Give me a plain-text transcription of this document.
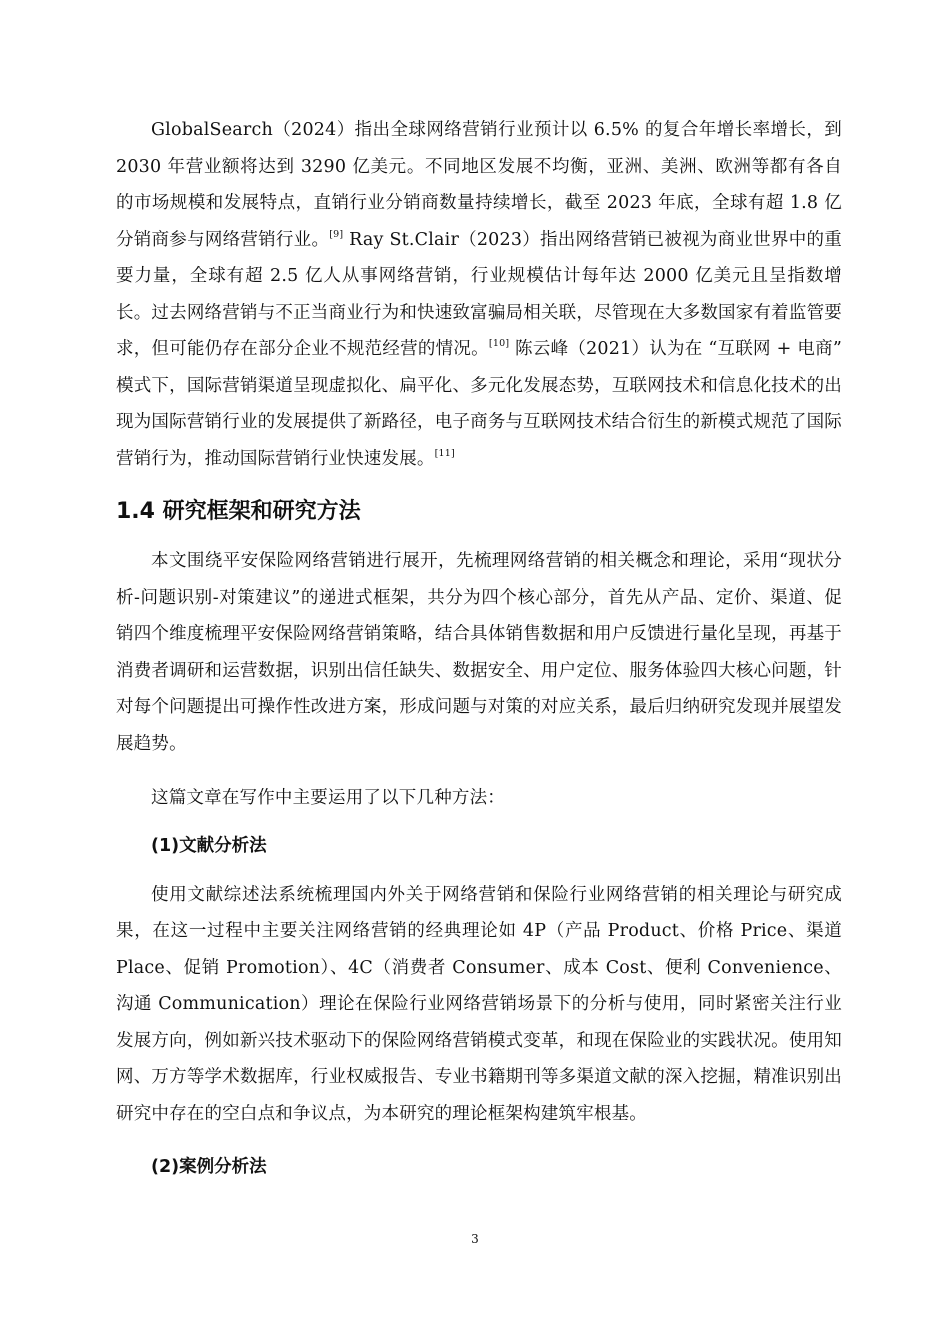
GlobalSearch（2024）指出全球网络营销行业预计以 6.5% 的复合年增长率增长，到 2030 年营业额将达到 3290 亿美元。不同地区发展不均衡，亚洲、美洲、欧洲等都有各自的市场规模和发展特点，直销行业分销商数量持续增长，截至 2023 年底，全球有超 1.8 亿分销商参与网络营销行业。[9] Ray St.Clair（2023）指出网络营销已被视为商业世界中的重要力量，全球有超 2.5 亿人从事网络营销，行业规模估计每年达 2000 亿美元且呈指数增长。过去网络营销与不正当商业行为和快速致富骗局相关联，尽管现在大多数国家有着监管要求，但可能仍存在部分企业不规范经营的情况。[10] 陈云峰（2021）认为在 “互联网 + 电商” 模式下，国际营销渠道呈现虚拟化、扁平化、多元化发展态势，互联网技术和信息化技术的出现为国际营销行业的发展提供了新路径，电子商务与互联网技术结合衍生的新模式规范了国际营销行为，推动国际营销行业快速发展。[11]

1.4 研究框架和研究方法

本文围绕平安保险网络营销进行展开，先梳理网络营销的相关概念和理论，采用“现状分析-问题识别-对策建议”的递进式框架，共分为四个核心部分，首先从产品、定价、渠道、促销四个维度梳理平安保险网络营销策略，结合具体销售数据和用户反馈进行量化呈现，再基于消费者调研和运营数据，识别出信任缺失、数据安全、用户定位、服务体验四大核心问题，针对每个问题提出可操作性改进方案，形成问题与对策的对应关系，最后归纳研究发现并展望发展趋势。

这篇文章在写作中主要运用了以下几种方法：

(1)文献分析法

使用文献综述法系统梳理国内外关于网络营销和保险行业网络营销的相关理论与研究成果，在这一过程中主要关注网络营销的经典理论如 4P（产品 Product、价格 Price、渠道 Place、促销 Promotion）、4C（消费者 Consumer、成本 Cost、便利 Convenience、沟通 Communication）理论在保险行业网络营销场景下的分析与使用，同时紧密关注行业发展方向，例如新兴技术驱动下的保险网络营销模式变革，和现在保险业的实践状况。使用知网、万方等学术数据库，行业权威报告、专业书籍期刊等多渠道文献的深入挖掘，精准识别出研究中存在的空白点和争议点，为本研究的理论框架构建筑牢根基。

(2)案例分析法
3
